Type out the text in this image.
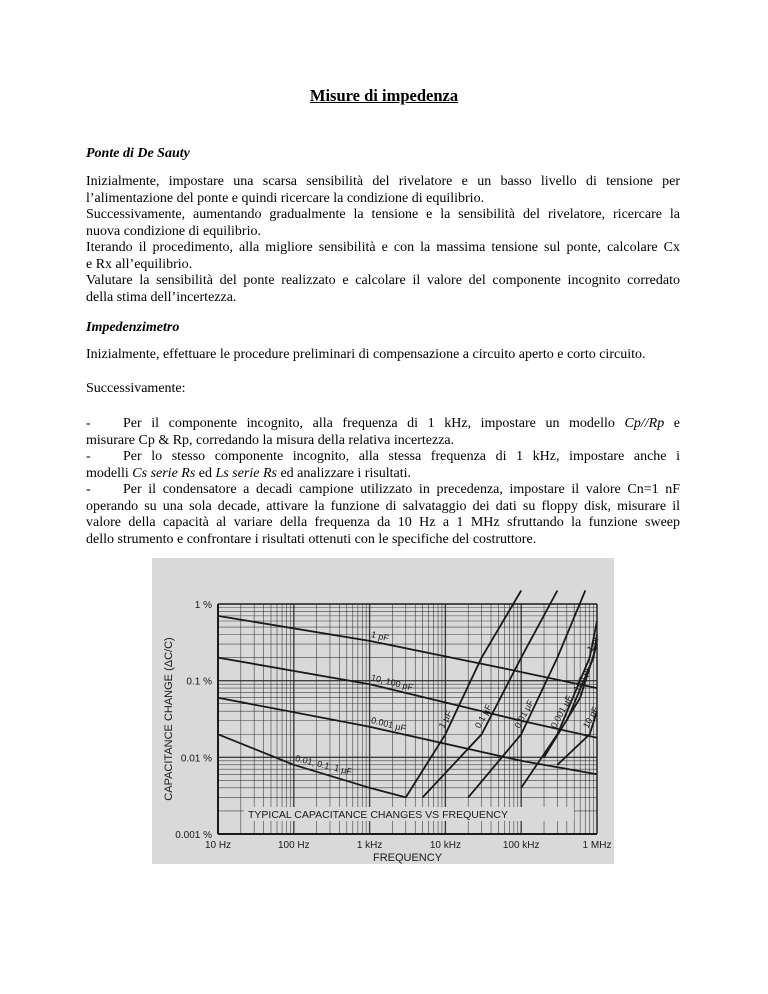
Misure di impedenza
Ponte di De Sauty
Inizialmente, impostare una scarsa sensibilità del rivelatore e un basso livello di tensione per
l’alimentazione del ponte e quindi ricercare la condizione di equilibrio.
Successivamente, aumentando gradualmente la tensione e la sensibilità del rivelatore, ricercare la
nuova condizione di equilibrio.
Iterando il procedimento, alla migliore sensibilità e con la massima tensione sul ponte, calcolare Cx
e Rx all’equilibrio.
Valutare la sensibilità del ponte realizzato e calcolare il valore del componente incognito corredato
della stima dell’incertezza.
Impedenzimetro
Inizialmente, effettuare le procedure preliminari di compensazione a circuito aperto e corto circuito.
Successivamente:
- Per il componente incognito, alla frequenza di 1 kHz, impostare un modello Cp//Rp e
misurare Cp & Rp, corredando la misura della relativa incertezza.
- Per lo stesso componente incognito, alla stessa frequenza di 1 kHz, impostare anche i
modelli Cs serie Rs ed Ls serie Rs ed analizzare i risultati.
- Per il condensatore a decadi campione utilizzato in precedenza, impostare il valore Cn=1 nF
operando su una sola decade, attivare la funzione di salvataggio dei dati su floppy disk, misurare il
valore della capacità al variare della frequenza da 10 Hz a 1 MHz sfruttando la funzione sweep
dello strumento e confrontare i risultati ottenuti con le specifiche del costruttore.
10 Hz	100 Hz	1 kHz	10 kHz	100 kHz	1 MHz
1 %
0.1 %
0.01 %
0.001 %
FREQUENCY
CAPACITANCE CHANGE (ΔC/C)
TYPICAL CAPACITANCE CHANGES VS FREQUENCY
1 pF
10, 100 pF
0.001 µF
0.01, 0.1, 1 µF
1 µF 0.1 µF 0.01 µF 0.001 µF
100 pF
1 pF
10 pF
